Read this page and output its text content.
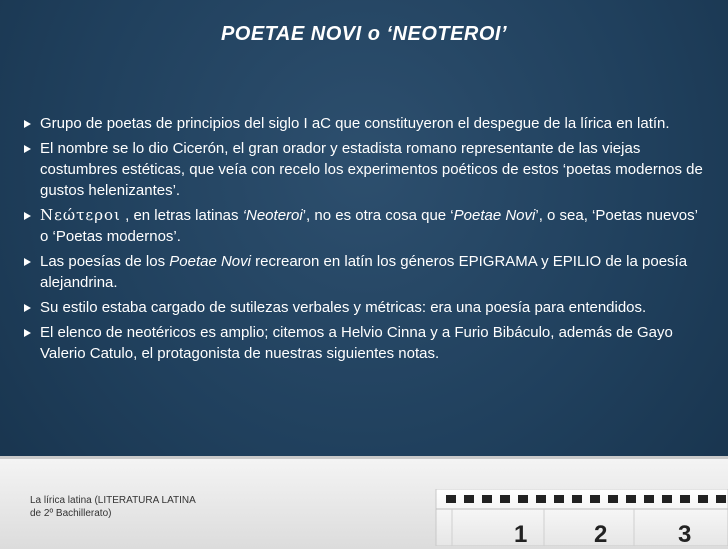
POETAE NOVI o ‘NEOTEROI’
Grupo de poetas de principios del siglo I aC que constituyeron el despegue de la lírica en latín.
El nombre se lo dio Cicerón, el gran orador y estadista romano representante de las viejas costumbres estéticas, que veía con recelo los experimentos poéticos de estos ‘poetas modernos de gustos helenizantes’.
Νεώτεροι , en letras latinas ‘Neoteroi’, no es otra cosa que ‘Poetae Novi’, o sea, ‘Poetas nuevos’ o ‘Poetas modernos’.
Las poesías de los Poetae Novi recrearon en latín los géneros EPIGRAMA y EPILIO de la poesía alejandrina.
Su estilo estaba cargado de sutilezas verbales y métricas: era una poesía para entendidos.
El elenco de neotéricos es amplio; citemos a Helvio Cinna y a Furio Bibáculo, además de Gayo Valerio Catulo, el protagonista de nuestras siguientes notas.
La lírica latina (LITERATURA LATINA
de 2º Bachillerato)
1	2	3
